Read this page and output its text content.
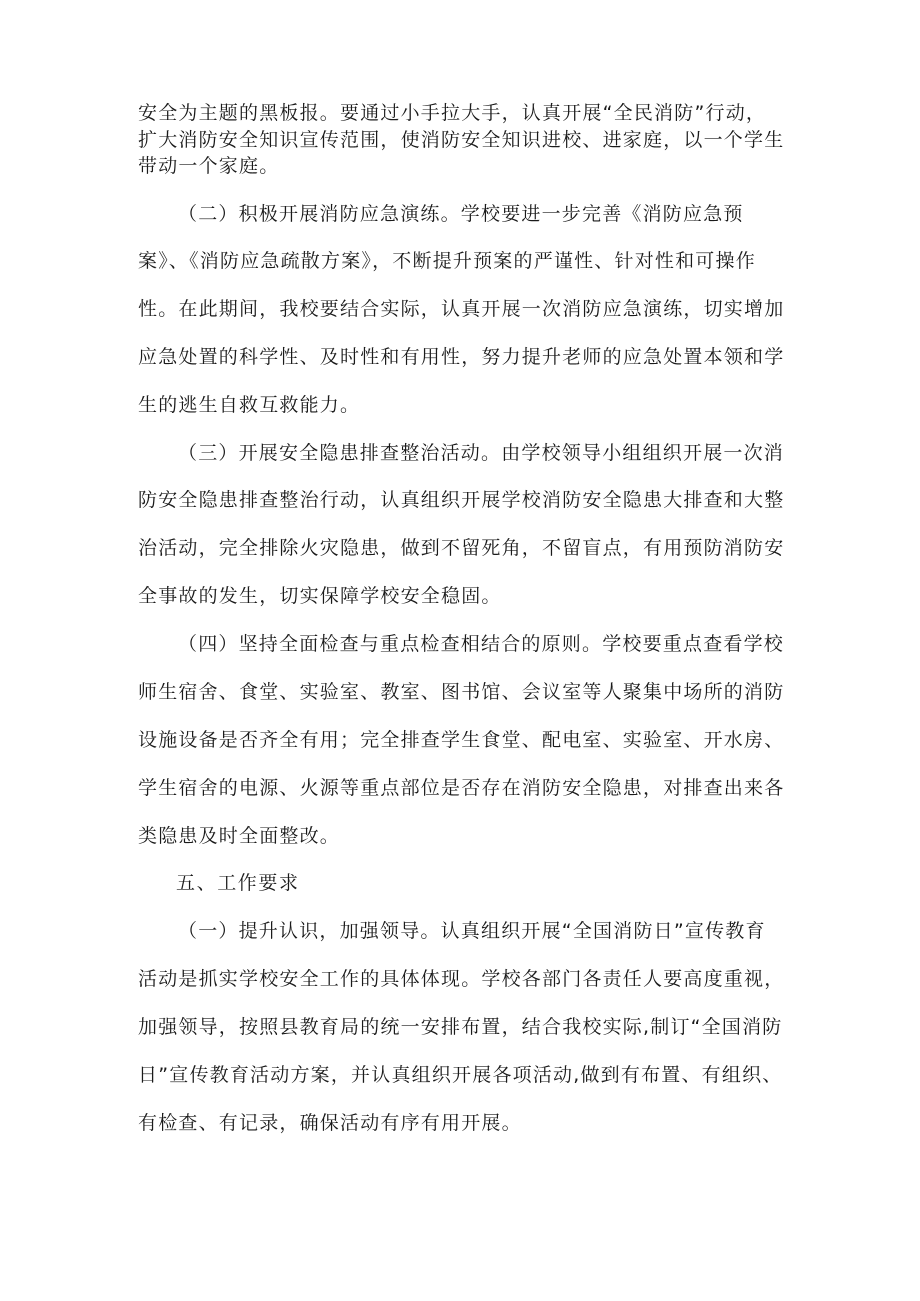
安全为主题的黑板报。要通过小手拉大手，认真开展“全民消防”行动，

扩大消防安全知识宣传范围，使消防安全知识进校、进家庭，以一个学生

带动一个家庭。

（二）积极开展消防应急演练。学校要进一步完善《消防应急预

案》、《消防应急疏散方案》，不断提升预案的严谨性、针对性和可操作

性。在此期间，我校要结合实际，认真开展一次消防应急演练，切实增加

应急处置的科学性、及时性和有用性，努力提升老师的应急处置本领和学

生的逃生自救互救能力。

（三）开展安全隐患排查整治活动。由学校领导小组组织开展一次消

防安全隐患排查整治行动，认真组织开展学校消防安全隐患大排查和大整

治活动，完全排除火灾隐患，做到不留死角，不留盲点，有用预防消防安

全事故的发生，切实保障学校安全稳固。

（四）坚持全面检查与重点检查相结合的原则。学校要重点查看学校

师生宿舍、食堂、实验室、教室、图书馆、会议室等人聚集中场所的消防

设施设备是否齐全有用；完全排查学生食堂、配电室、实验室、开水房、

学生宿舍的电源、火源等重点部位是否存在消防安全隐患，对排查出来各

类隐患及时全面整改。

五、工作要求

（一）提升认识，加强领导。认真组织开展“全国消防日”宣传教育

活动是抓实学校安全工作的具体体现。学校各部门各责任人要高度重视，

加强领导，按照县教育局的统一安排布置，结合我校实际,制订“全国消防

日”宣传教育活动方案，并认真组织开展各项活动,做到有布置、有组织、

有检查、有记录，确保活动有序有用开展。
